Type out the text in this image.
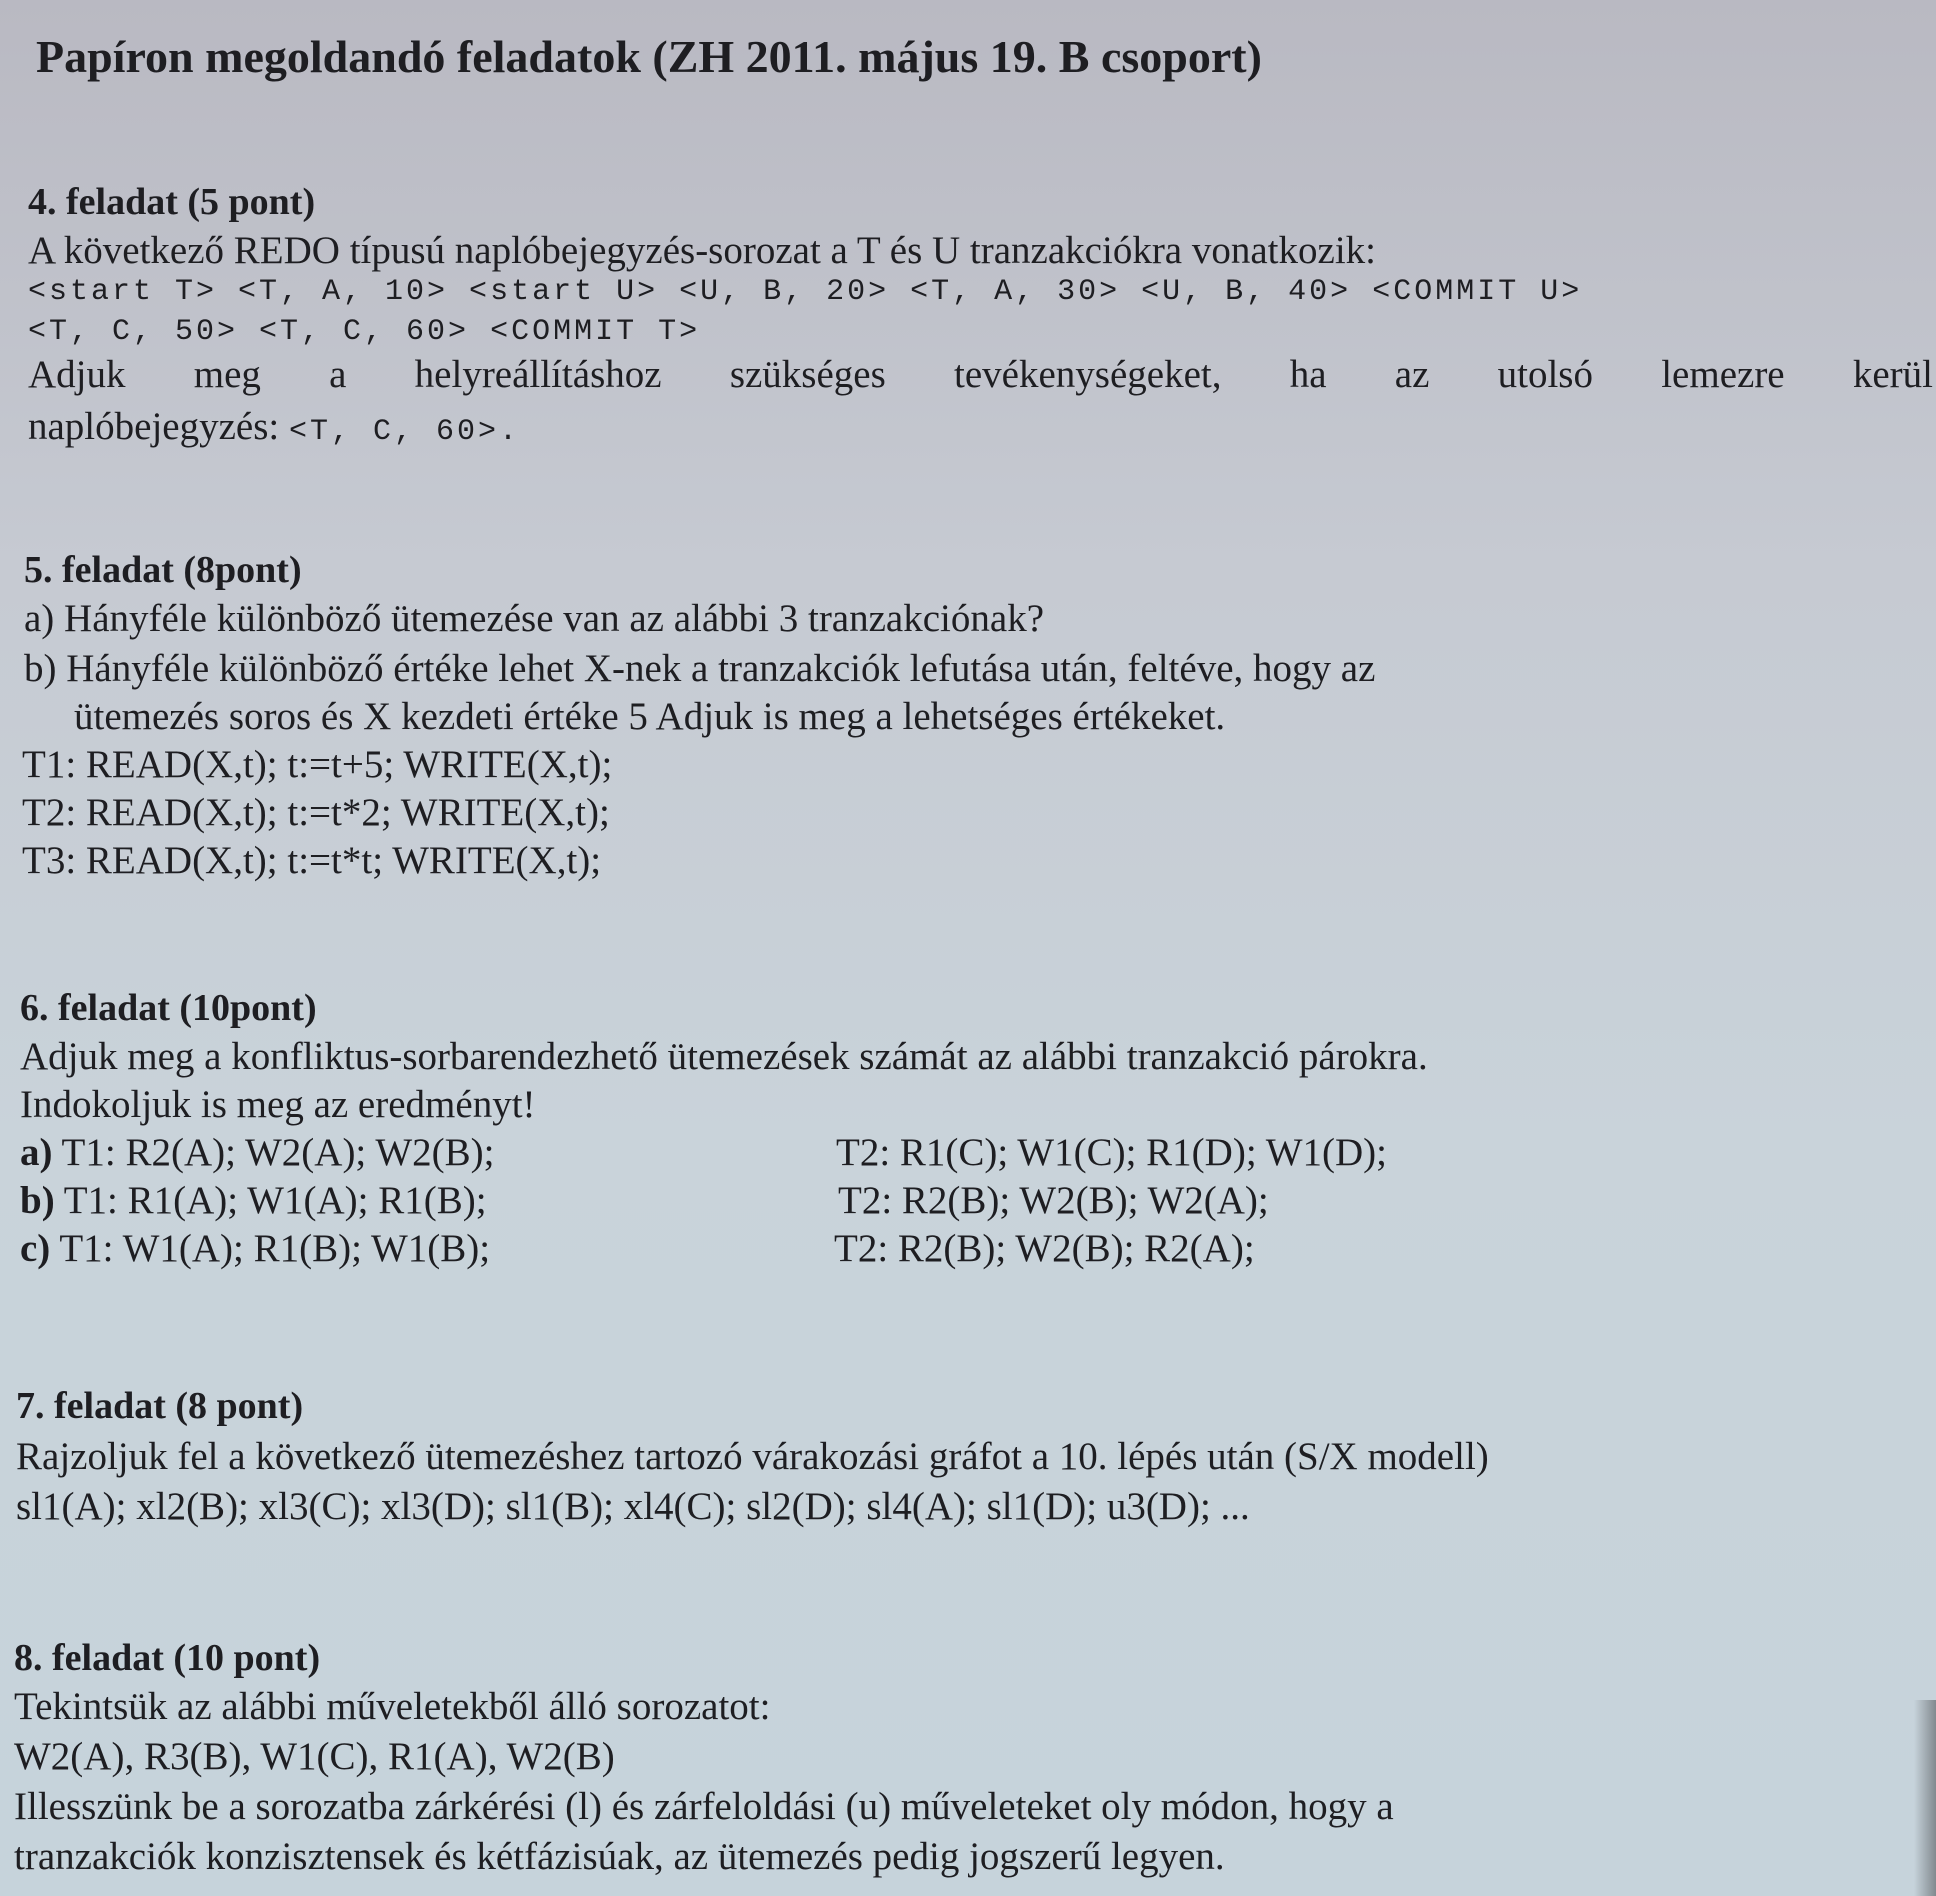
Papíron megoldandó feladatok (ZH 2011. május 19. B csoport)
4. feladat (5 pont)
A következő REDO típusú naplóbejegyzés-sorozat a T és U tranzakciókra vonatkozik:
<start T> <T, A, 10> <start U> <U, B, 20> <T, A, 30> <U, B, 40> <COMMIT U>
<T, C, 50> <T, C, 60> <COMMIT T>
Adjuk meg a helyreállításhoz szükséges tevékenységeket, ha az utolsó lemezre kerül
naplóbejegyzés: <T, C, 60>.
5. feladat (8pont)
a) Hányféle különböző ütemezése van az alábbi 3 tranzakciónak?
b) Hányféle különböző értéke lehet X-nek a tranzakciók lefutása után, feltéve, hogy az
ütemezés soros és X kezdeti értéke 5 Adjuk is meg a lehetséges értékeket.
T1: READ(X,t); t:=t+5; WRITE(X,t);
T2: READ(X,t); t:=t*2; WRITE(X,t);
T3: READ(X,t); t:=t*t; WRITE(X,t);
6. feladat (10pont)
Adjuk meg a konfliktus-sorbarendezhető ütemezések számát az alábbi tranzakció párokra.
Indokoljuk is meg az eredményt!
a) T1: R2(A); W2(A); W2(B);	T2: R1(C); W1(C); R1(D); W1(D);
b) T1: R1(A); W1(A); R1(B);	T2: R2(B); W2(B); W2(A);
c) T1: W1(A); R1(B); W1(B);	T2: R2(B); W2(B); R2(A);
7. feladat (8 pont)
Rajzoljuk fel a következő ütemezéshez tartozó várakozási gráfot a 10. lépés után (S/X modell)
sl1(A); xl2(B); xl3(C); xl3(D); sl1(B); xl4(C); sl2(D); sl4(A); sl1(D); u3(D); ...
8. feladat (10 pont)
Tekintsük az alábbi műveletekből álló sorozatot:
W2(A), R3(B), W1(C), R1(A), W2(B)
Illesszünk be a sorozatba zárkérési (l) és zárfeloldási (u) műveleteket oly módon, hogy a
tranzakciók konzisztensek és kétfázisúak, az ütemezés pedig jogszerű legyen.
